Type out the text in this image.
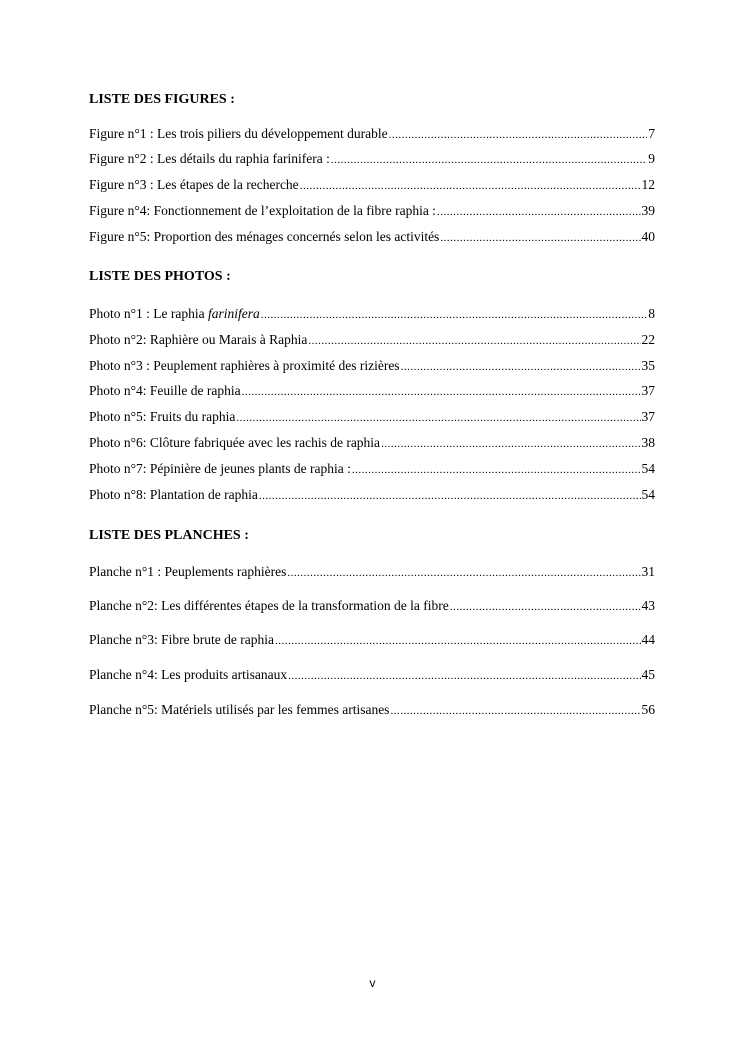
LISTE DES FIGURES :
Figure n°1 : Les trois piliers du développement durable .....	7
Figure n°2 : Les détails du raphia farinifera : .....	9
Figure n°3 : Les étapes de la recherche .....	12
Figure n°4: Fonctionnement de l’exploitation de la fibre raphia : .....	39
Figure n°5: Proportion des ménages concernés selon les activités .....	40
LISTE DES PHOTOS :
Photo n°1 : Le raphia farinifera .....	8
Photo n°2: Raphière ou Marais à Raphia .....	22
Photo n°3 : Peuplement raphières à proximité des rizières .....	35
Photo n°4: Feuille de raphia .....	37
Photo n°5: Fruits du raphia .....	37
Photo n°6: Clôture fabriquée avec les rachis de raphia .....	38
Photo n°7: Pépinière de jeunes plants de raphia : .....	54
Photo n°8: Plantation de raphia .....	54
LISTE DES PLANCHES :
Planche n°1 : Peuplements raphières .....	31
Planche n°2: Les différentes étapes de la transformation de la fibre .....	43
Planche n°3: Fibre brute de raphia .....	44
Planche n°4: Les produits artisanaux .....	45
Planche n°5: Matériels utilisés par les femmes artisanes .....	56
v
